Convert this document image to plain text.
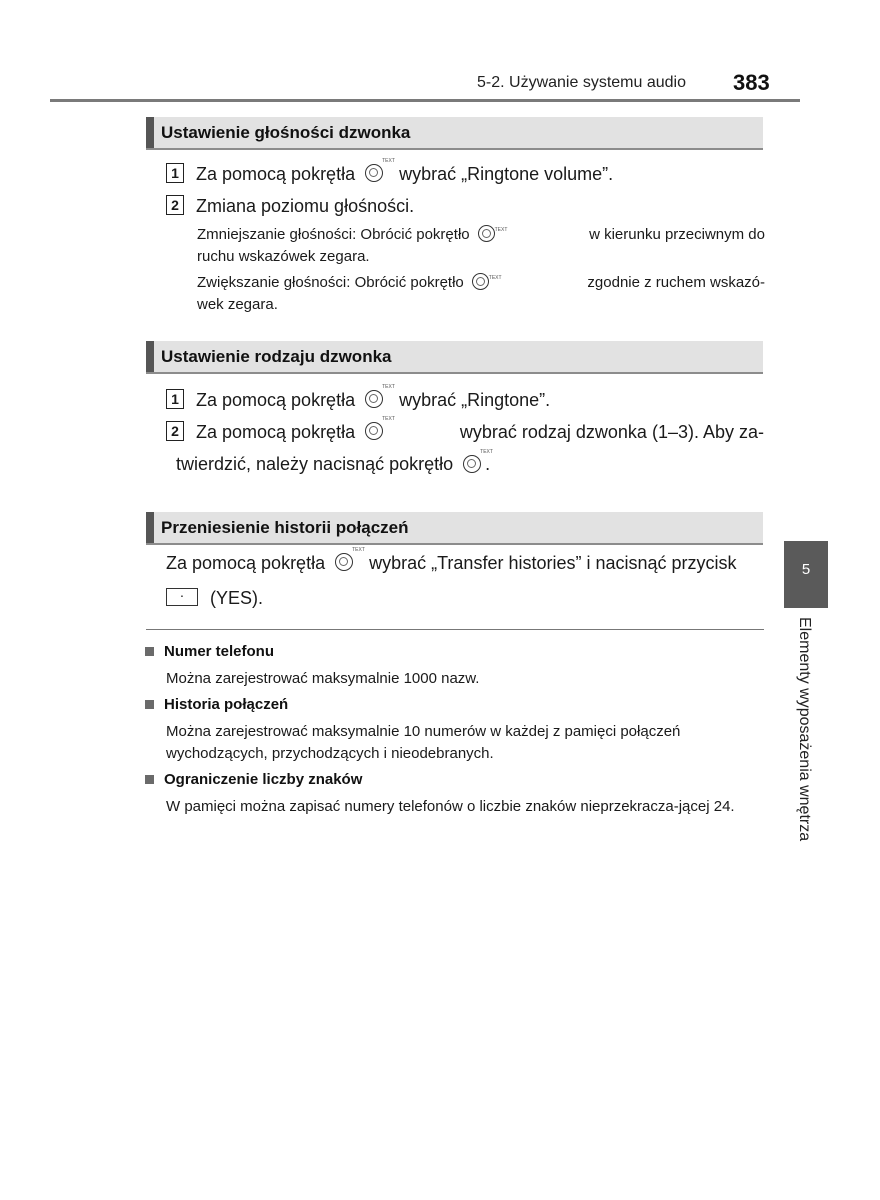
5-2. Używanie systemu audio 383
Ustawienie głośności dzwonka
1 Za pomocą pokrętła
TEXT
wybrać „Ringtone volume”.
2 Zmiana poziomu głośności.
Zmniejszanie głośności: Obrócić pokrętło	TEXT	w kierunku przeciwnym do
ruchu wskazówek zegara.
Zwiększanie głośności: Obrócić pokrętło	TEXT	zgodnie z ruchem wskazó-
wek zegara.
Ustawienie rodzaju dzwonka
1 Za pomocą pokrętła
TEXT
wybrać „Ringtone”.
2 Za pomocą pokrętła
TEXT
wybrać rodzaj dzwonka (1–3). Aby za-
twierdzić, należy nacisnąć pokrętło
TEXT
.
Przeniesienie historii połączeń
Za pomocą pokrętła
TEXT
wybrać „Transfer histories” i nacisnąć przycisk
· (YES).
Numer telefonu
Można zarejestrować maksymalnie 1000 nazw.
Historia połączeń
Można zarejestrować maksymalnie 10 numerów w każdej z pamięci połączeń wychodzących, przychodzących i nieodebranych.
Ograniczenie liczby znaków
W pamięci można zapisać numery telefonów o liczbie znaków nieprzekracza-jącej 24.
5
Elementy wyposażenia wnętrza
